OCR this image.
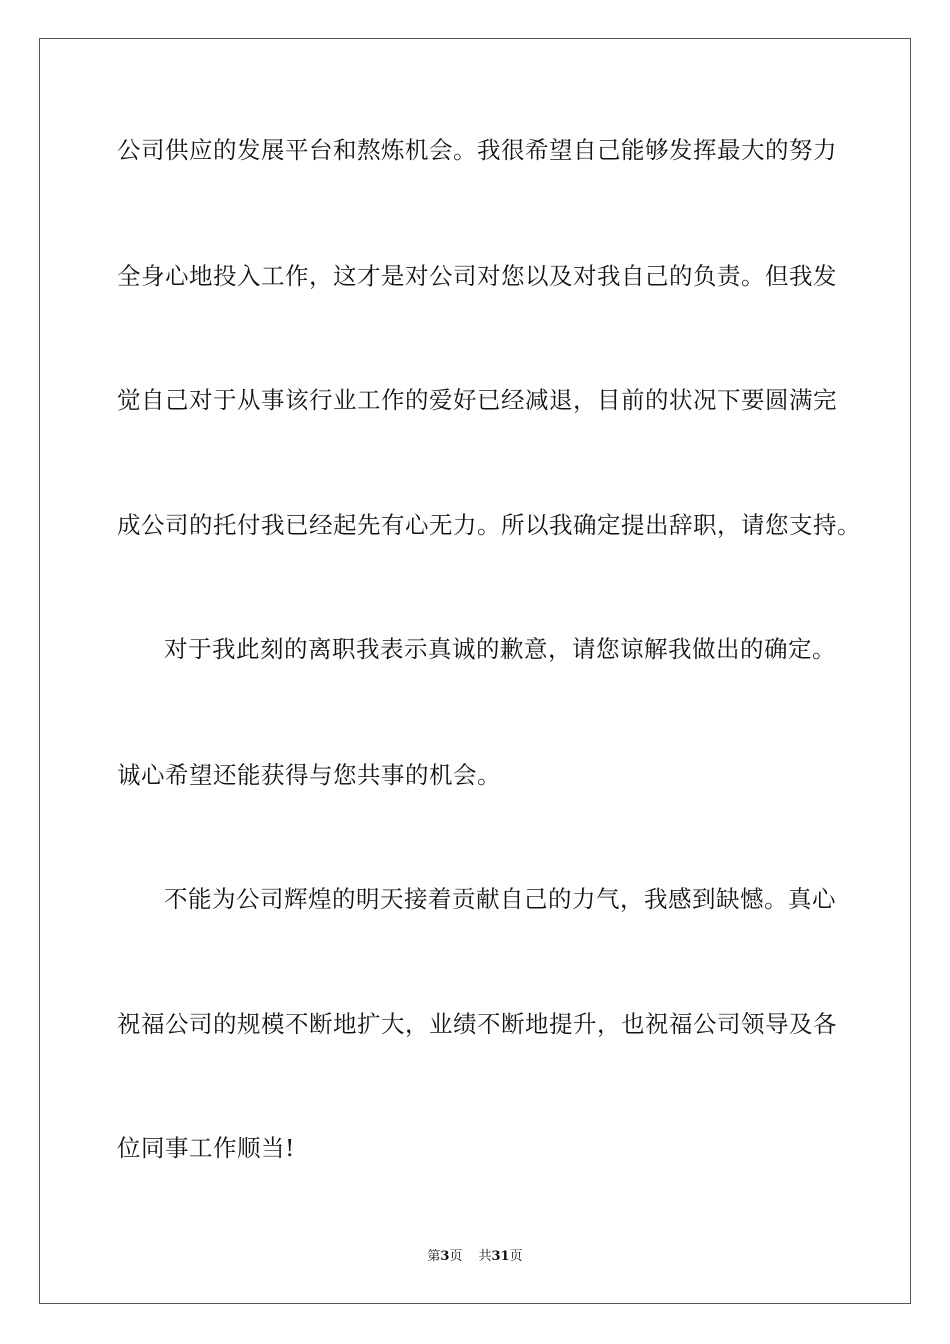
公司供应的发展平台和熬炼机会。我很希望自己能够发挥最大的努力
全身心地投入工作，这才是对公司对您以及对我自己的负责。但我发
觉自己对于从事该行业工作的爱好已经减退，目前的状况下要圆满完
成公司的托付我已经起先有心无力。所以我确定提出辞职，请您支持。
对于我此刻的离职我表示真诚的歉意，请您谅解我做出的确定。
诚心希望还能获得与您共事的机会。
不能为公司辉煌的明天接着贡献自己的力气，我感到缺憾。真心
祝福公司的规模不断地扩大，业绩不断地提升，也祝福公司领导及各
位同事工作顺当!
第3页 共31页
